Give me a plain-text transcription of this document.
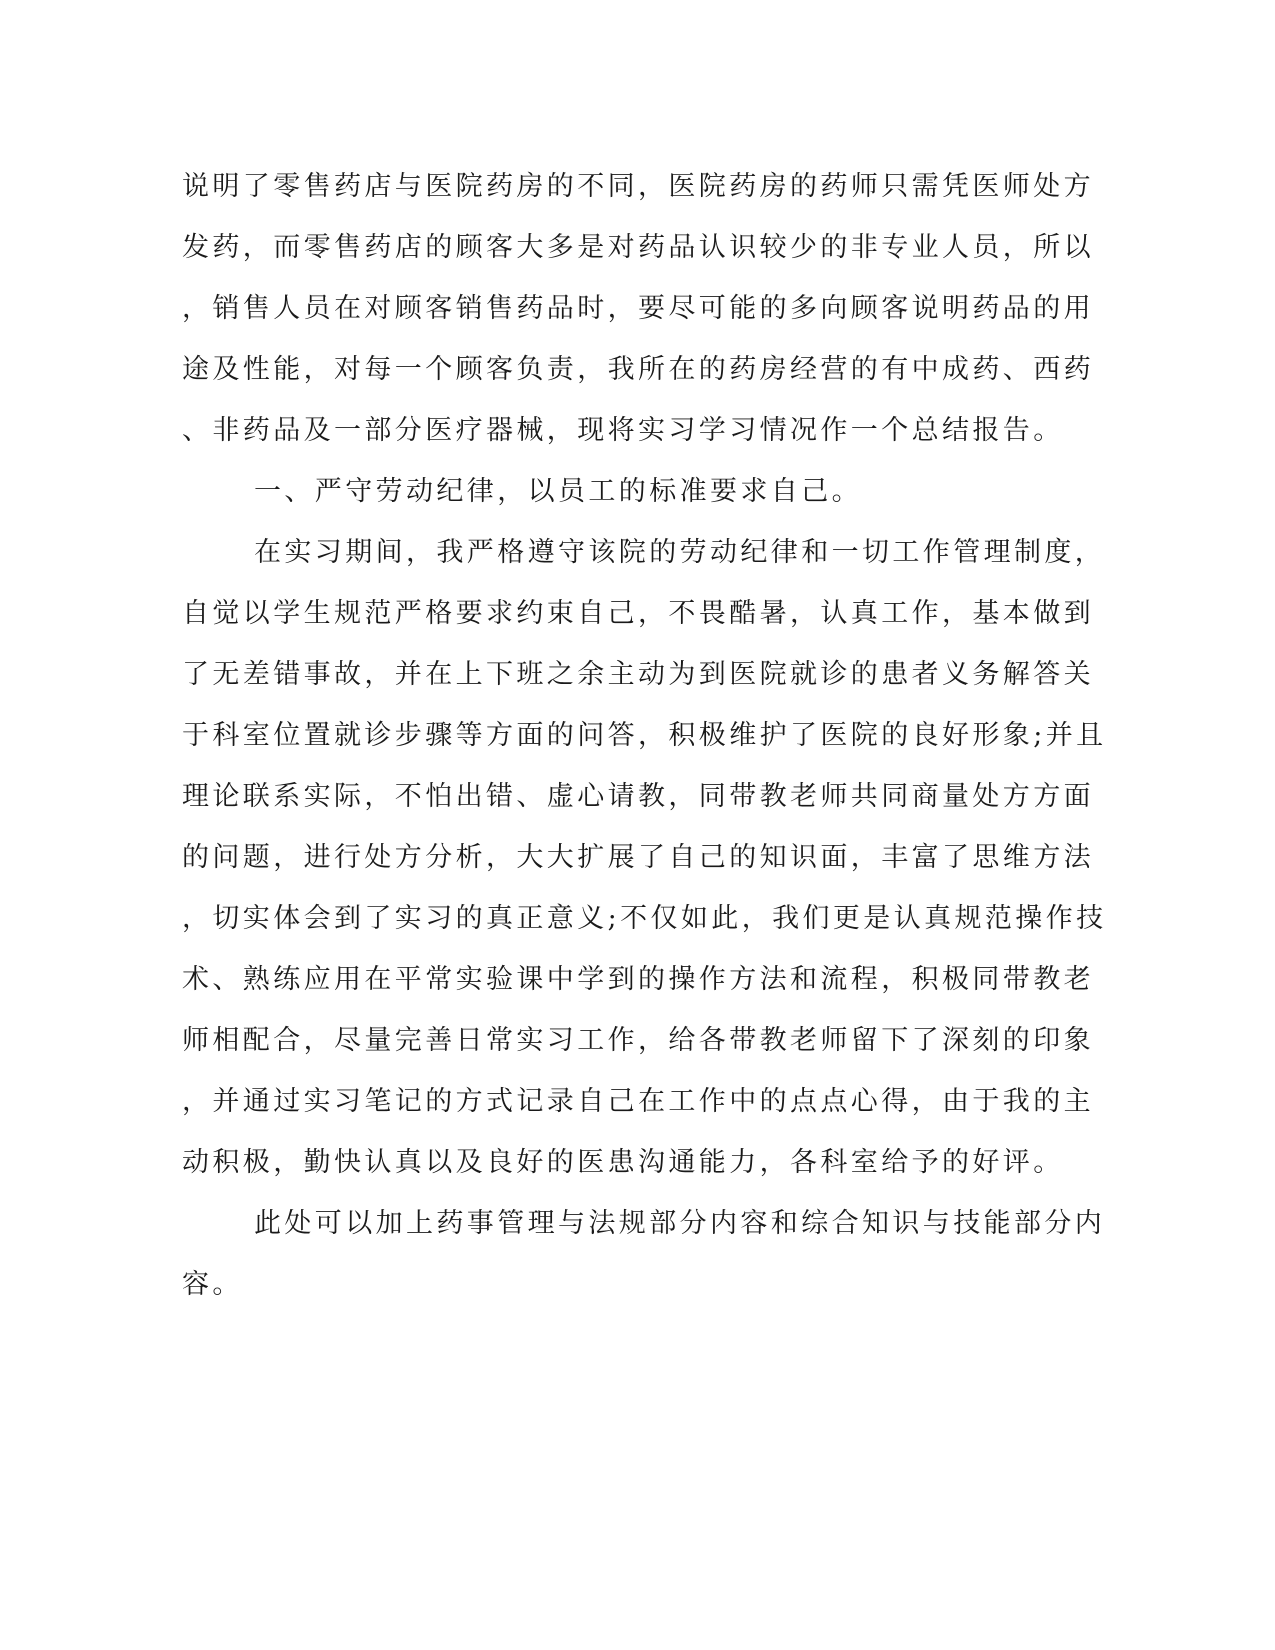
说明了零售药店与医院药房的不同，医院药房的药师只需凭医师处方
发药，而零售药店的顾客大多是对药品认识较少的非专业人员，所以
，销售人员在对顾客销售药品时，要尽可能的多向顾客说明药品的用
途及性能，对每一个顾客负责，我所在的药房经营的有中成药、西药
、非药品及一部分医疗器械，现将实习学习情况作一个总结报告。
一、严守劳动纪律，以员工的标准要求自己。
在实习期间，我严格遵守该院的劳动纪律和一切工作管理制度，
自觉以学生规范严格要求约束自己，不畏酷暑，认真工作，基本做到
了无差错事故，并在上下班之余主动为到医院就诊的患者义务解答关
于科室位置就诊步骤等方面的问答，积极维护了医院的良好形象;并且
理论联系实际，不怕出错、虚心请教，同带教老师共同商量处方方面
的问题，进行处方分析，大大扩展了自己的知识面，丰富了思维方法
，切实体会到了实习的真正意义;不仅如此，我们更是认真规范操作技
术、熟练应用在平常实验课中学到的操作方法和流程，积极同带教老
师相配合，尽量完善日常实习工作，给各带教老师留下了深刻的印象
，并通过实习笔记的方式记录自己在工作中的点点心得，由于我的主
动积极，勤快认真以及良好的医患沟通能力，各科室给予的好评。
此处可以加上药事管理与法规部分内容和综合知识与技能部分内
容。
